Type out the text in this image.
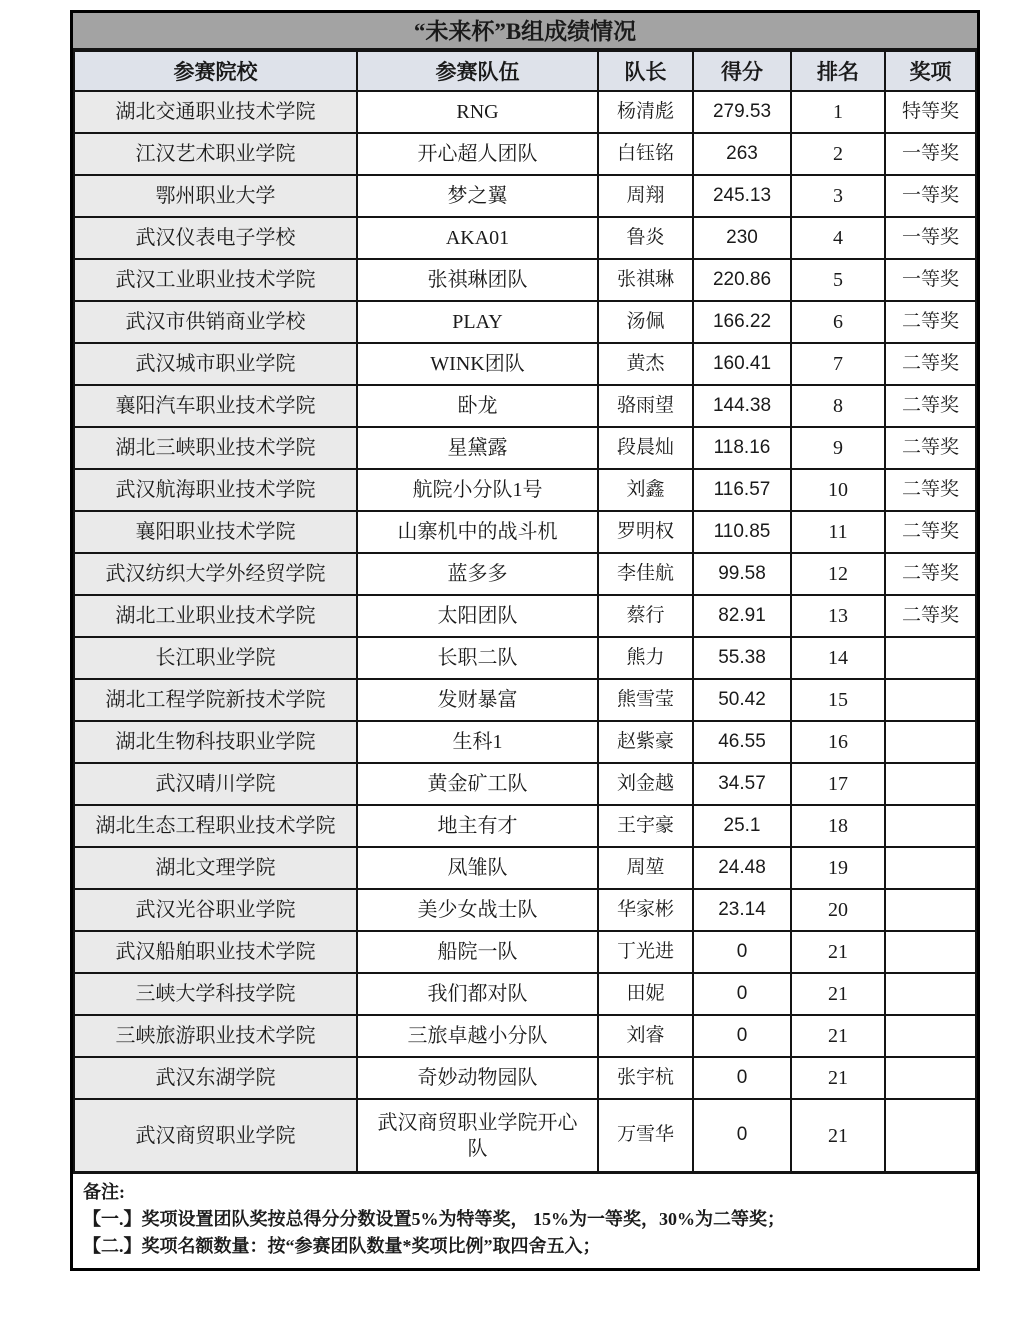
“未来杯”B组成绩情况
参赛院校	参赛队伍	队长	得分	排名	奖项
湖北交通职业技术学院	RNG	杨清彪	279.53	1	特等奖
江汉艺术职业学院	开心超人团队	白钰铭	263	2	一等奖
鄂州职业大学	梦之翼	周翔	245.13	3	一等奖
武汉仪表电子学校	AKA01	鲁炎	230	4	一等奖
武汉工业职业技术学院	张祺琳团队	张祺琳	220.86	5	一等奖
武汉市供销商业学校	PLAY	汤佩	166.22	6	二等奖
武汉城市职业学院	WINK团队	黄杰	160.41	7	二等奖
襄阳汽车职业技术学院	卧龙	骆雨望	144.38	8	二等奖
湖北三峡职业技术学院	星黛露	段晨灿	118.16	9	二等奖
武汉航海职业技术学院	航院小分队1号	刘鑫	116.57	10	二等奖
襄阳职业技术学院	山寨机中的战斗机	罗明权	110.85	11	二等奖
武汉纺织大学外经贸学院	蓝多多	李佳航	99.58	12	二等奖
湖北工业职业技术学院	太阳团队	蔡行	82.91	13	二等奖
长江职业学院	长职二队	熊力	55.38	14	
湖北工程学院新技术学院	发财暴富	熊雪莹	50.42	15	
湖北生物科技职业学院	生科1	赵紫豪	46.55	16	
武汉晴川学院	黄金矿工队	刘金越	34.57	17	
湖北生态工程职业技术学院	地主有才	王宇豪	25.1	18	
湖北文理学院	凤雏队	周堃	24.48	19	
武汉光谷职业学院	美少女战士队	华家彬	23.14	20	
武汉船舶职业技术学院	船院一队	丁光进	0	21	
三峡大学科技学院	我们都对队	田妮	0	21	
三峡旅游职业技术学院	三旅卓越小分队	刘睿	0	21	
武汉东湖学院	奇妙动物园队	张宇杭	0	21	
武汉商贸职业学院	武汉商贸职业学院开心队	万雪华	0	21	

备注:

【一.】奖项设置团队奖按总得分分数设置5%为特等奖， 15%为一等奖，30%为二等奖；

【二.】奖项名额数量：按“参赛团队数量*奖项比例”取四舍五入；
